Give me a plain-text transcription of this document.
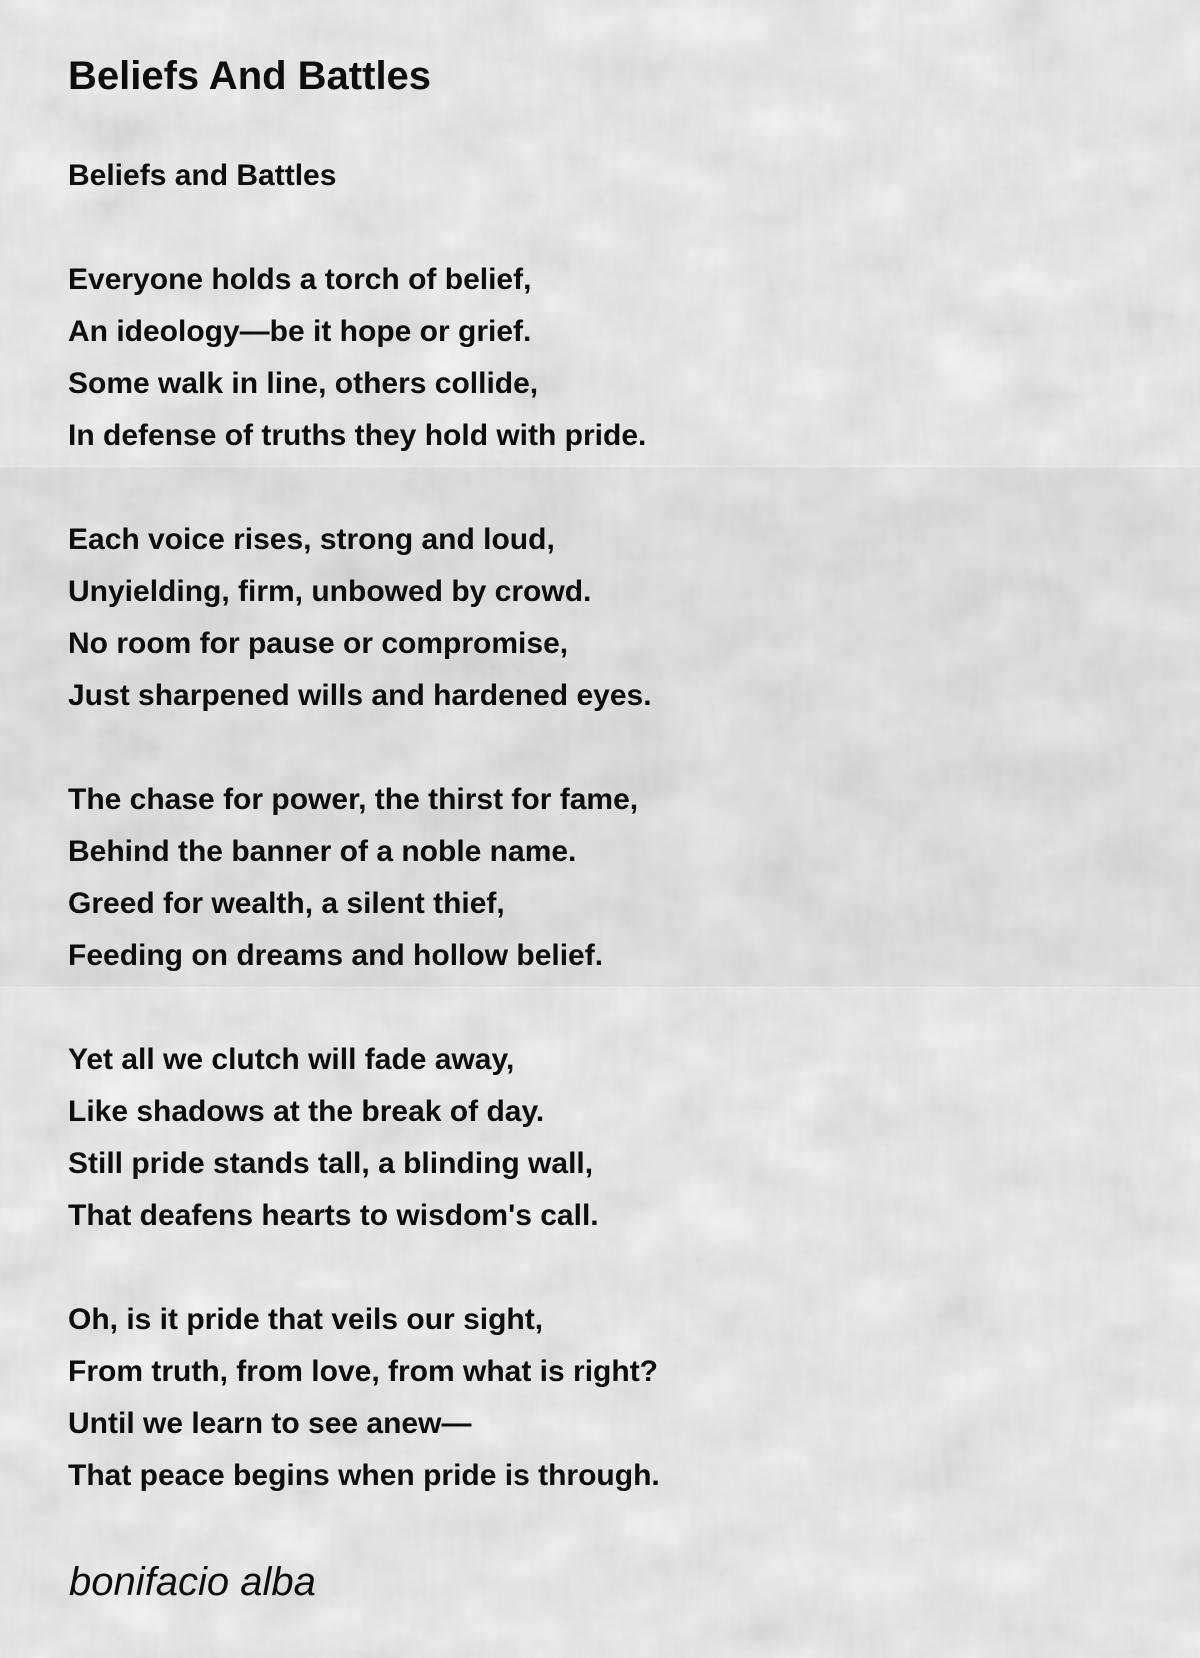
Beliefs And Battles
Beliefs and Battles
Everyone holds a torch of belief,
An ideology—be it hope or grief.
Some walk in line, others collide,
In defense of truths they hold with pride.
Each voice rises, strong and loud,
Unyielding, firm, unbowed by crowd.
No room for pause or compromise,
Just sharpened wills and hardened eyes.
The chase for power, the thirst for fame,
Behind the banner of a noble name.
Greed for wealth, a silent thief,
Feeding on dreams and hollow belief.
Yet all we clutch will fade away,
Like shadows at the break of day.
Still pride stands tall, a blinding wall,
That deafens hearts to wisdom's call.
Oh, is it pride that veils our sight,
From truth, from love, from what is right?
Until we learn to see anew—
That peace begins when pride is through.
bonifacio alba
